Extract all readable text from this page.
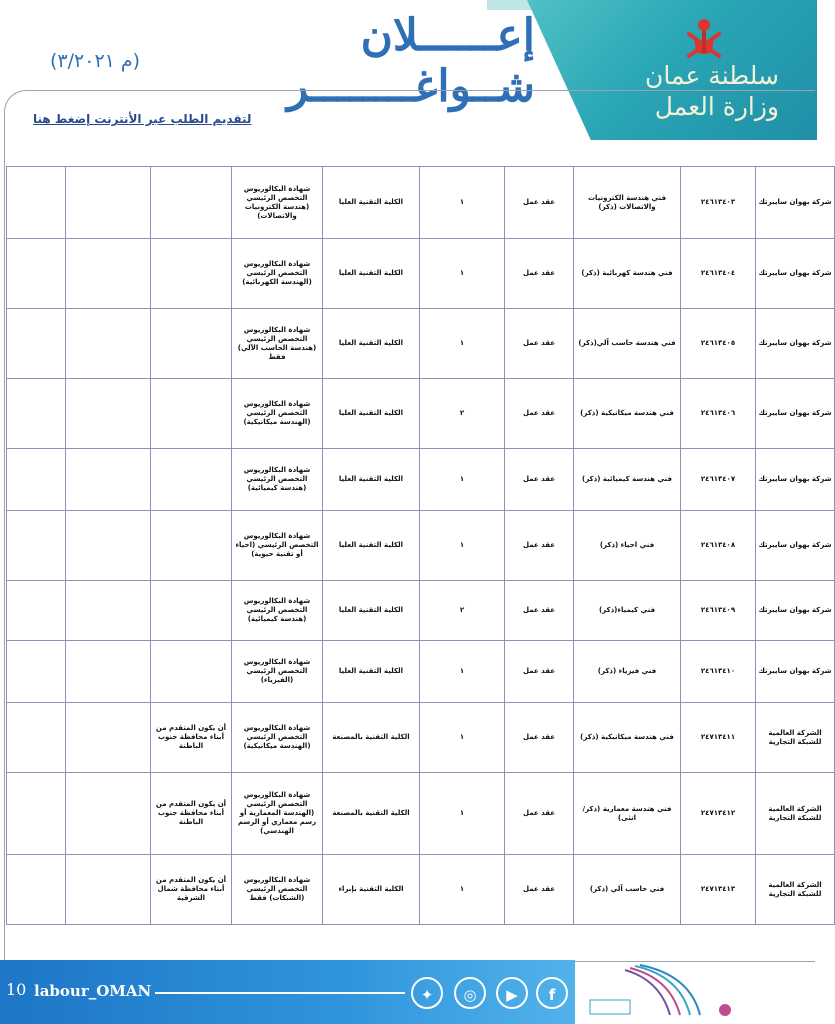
سلطنة عمان
وزارة العمل
إعــــــلان شــواغــــــــر
(م ٣/٢٠٢١)
لتقديم الطلب عبر الأنترنت إضغط هنا
شركة بهوان سايبرتك	٢٤٦١٣٤٠٣	فني هندسة الكترونيات والاتصالات (ذكر)	عقد عمل	١	الكلية التقنية العليا	شهادة البكالوريوس التخصص الرئيسي (هندسة الكترونيات والاتصالات)			
شركة بهوان سايبرتك	٢٤٦١٣٤٠٤	فني هندسة كهربائية (ذكر)	عقد عمل	١	الكلية التقنية العليا	شهادة البكالوريوس التخصص الرئيسي (الهندسة الكهربائية)			
شركة بهوان سايبرتك	٢٤٦١٣٤٠٥	فني هندسة حاسب آلي(ذكر)	عقد عمل	١	الكلية التقنية العليا	شهادة البكالوريوس التخصص الرئيسي (هندسة الحاسب الآلي) فقط			
شركة بهوان سايبرتك	٢٤٦١٣٤٠٦	فني هندسة ميكانيكية (ذكر)	عقد عمل	٢	الكلية التقنية العليا	شهادة البكالوريوس التخصص الرئيسي (الهندسة ميكانيكية)			
شركة بهوان سايبرتك	٢٤٦١٣٤٠٧	فني هندسة كيميائية (ذكر)	عقد عمل	١	الكلية التقنية العليا	شهادة البكالوريوس التخصص الرئيسي (هندسة كيميائية)			
شركة بهوان سايبرتك	٢٤٦١٣٤٠٨	فني احياء (ذكر)	عقد عمل	١	الكلية التقنية العليا	شهادة البكالوريوس التخصص الرئيسي (احياء أو تقنية حيوية)			
شركة بهوان سايبرتك	٢٤٦١٣٤٠٩	فني كيمياء(ذكر)	عقد عمل	٢	الكلية التقنية العليا	شهادة البكالوريوس التخصص الرئيسي (هندسة كيميائية)			
شركة بهوان سايبرتك	٢٤٦١٣٤١٠	فني فيزياء (ذكر)	عقد عمل	١	الكلية التقنية العليا	شهادة البكالوريوس التخصص الرئيسي (الفيزياء)			
الشركة العالمية للشبكة التجارية	٢٤٧١٣٤١١	فني هندسة ميكانيكية (ذكر)	عقد عمل	١	الكلية التقنية بالمصنعة	شهادة البكالوريوس التخصص الرئيسي (الهندسة ميكانيكية)	أن يكون المتقدم من أبناء محافظة جنوب الباطنة		
الشركة العالمية للشبكة التجارية	٢٤٧١٣٤١٢	فني هندسة معمارية (ذكر/انثى)	عقد عمل	١	الكلية التقنية بالمصنعة	شهادة البكالوريوس التخصص الرئيسي (الهندسة المعمارية أو رسم معماري أو الرسم الهندسي)	أن يكون المتقدم من أبناء محافظة جنوب الباطنة		
الشركة العالمية للشبكة التجارية	٢٤٧١٣٤١٣	فني حاسب آلي (ذكر)	عقد عمل	١	الكلية التقنية بإبراء	شهادة البكالوريوس التخصص الرئيسي (الشبكات) فقط	أن يكون المتقدم من أبناء محافظة شمال الشرقية		
10 labour_OMAN	f
▶
◎
✦
